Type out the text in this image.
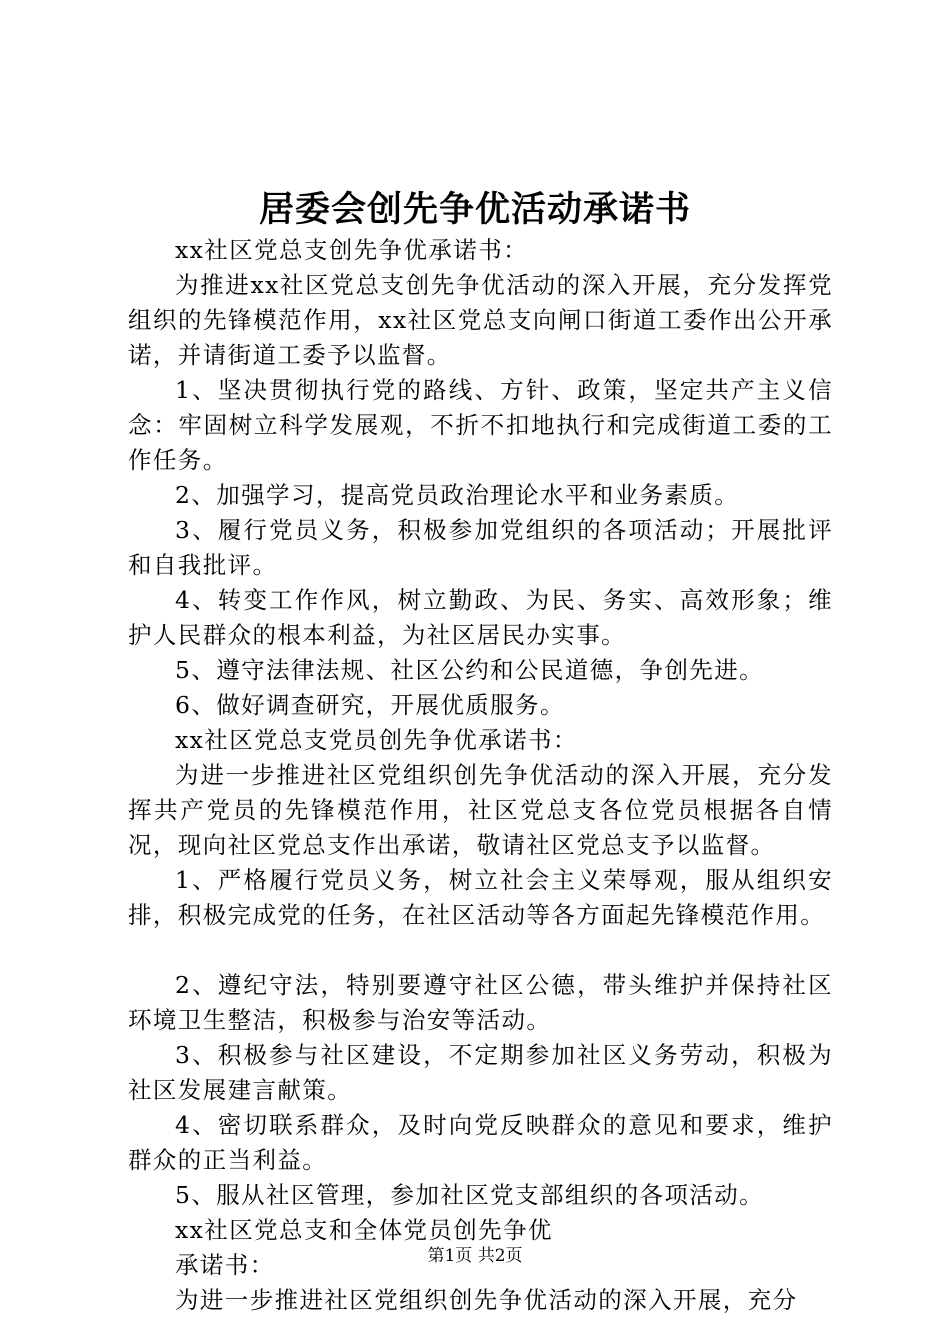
居委会创先争优活动承诺书

xx社区党总支创先争优承诺书：

为推进xx社区党总支创先争优活动的深入开展，充分发挥党组织的先锋模范作用，xx社区党总支向闸口街道工委作出公开承诺，并请街道工委予以监督。

1、坚决贯彻执行党的路线、方针、政策，坚定共产主义信念：牢固树立科学发展观，不折不扣地执行和完成街道工委的工作任务。

2、加强学习，提高党员政治理论水平和业务素质。

3、履行党员义务，积极参加党组织的各项活动；开展批评和自我批评。

4、转变工作作风，树立勤政、为民、务实、高效形象；维护人民群众的根本利益，为社区居民办实事。

5、遵守法律法规、社区公约和公民道德，争创先进。

6、做好调查研究，开展优质服务。

xx社区党总支党员创先争优承诺书：

为进一步推进社区党组织创先争优活动的深入开展，充分发挥共产党员的先锋模范作用，社区党总支各位党员根据各自情况，现向社区党总支作出承诺，敬请社区党总支予以监督。

1、严格履行党员义务，树立社会主义荣辱观，服从组织安排，积极完成党的任务，在社区活动等各方面起先锋模范作用。

2、遵纪守法，特别要遵守社区公德，带头维护并保持社区环境卫生整洁，积极参与治安等活动。

3、积极参与社区建设，不定期参加社区义务劳动，积极为社区发展建言献策。

4、密切联系群众，及时向党反映群众的意见和要求，维护群众的正当利益。

5、服从社区管理，参加社区党支部组织的各项活动。

xx社区党总支和全体党员创先争优

承诺书：

为进一步推进社区党组织创先争优活动的深入开展，充分

第1页 共2页
